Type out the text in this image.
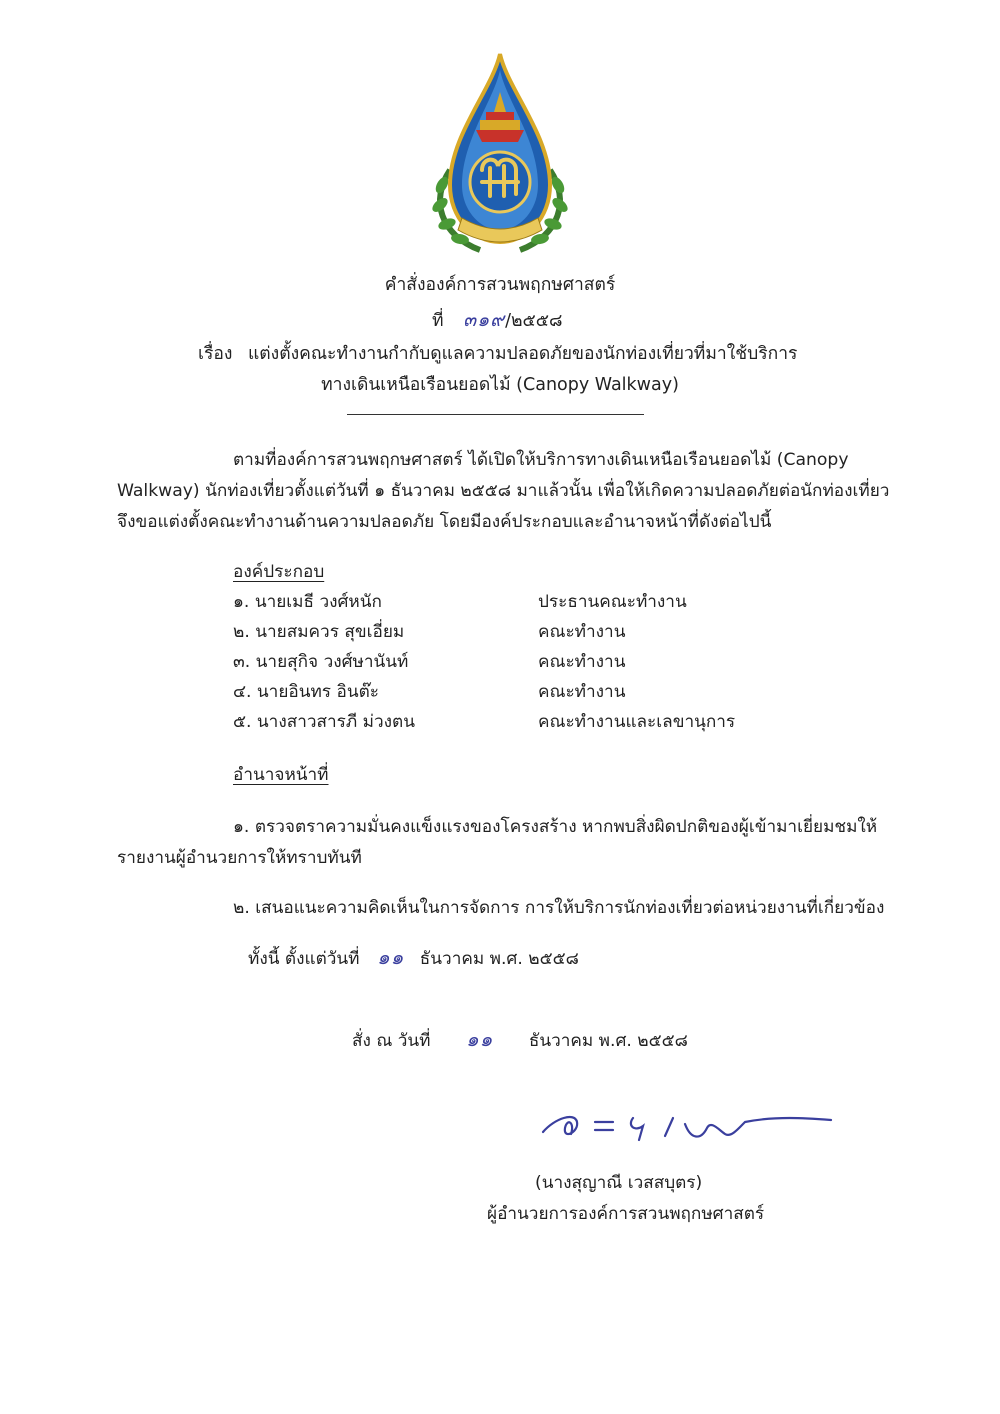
คำสั่งองค์การสวนพฤกษศาสตร์
ที่ ๓๑๙/๒๕๕๘
เรื่อง แต่งตั้งคณะทำงานกำกับดูแลความปลอดภัยของนักท่องเที่ยวที่มาใช้บริการ
ทางเดินเหนือเรือนยอดไม้ (Canopy Walkway)
ตามที่องค์การสวนพฤกษศาสตร์ ได้เปิดให้บริการทางเดินเหนือเรือนยอดไม้ (Canopy
Walkway) นักท่องเที่ยวตั้งแต่วันที่ ๑ ธันวาคม ๒๕๕๘ มาแล้วนั้น เพื่อให้เกิดความปลอดภัยต่อนักท่องเที่ยว
จึงขอแต่งตั้งคณะทำงานด้านความปลอดภัย โดยมีองค์ประกอบและอำนาจหน้าที่ดังต่อไปนี้
องค์ประกอบ
๑. นายเมธี วงศ์หนัก	ประธานคณะทำงาน
๒. นายสมควร สุขเอี่ยม	คณะทำงาน
๓. นายสุกิจ วงศ์ษานันท์	คณะทำงาน
๔. นายอินทร อินต๊ะ	คณะทำงาน
๕. นางสาวสารภี ม่วงตน	คณะทำงานและเลขานุการ
อำนาจหน้าที่
๑. ตรวจตราความมั่นคงแข็งแรงของโครงสร้าง หากพบสิ่งผิดปกติของผู้เข้ามาเยี่ยมชมให้
รายงานผู้อำนวยการให้ทราบทันที
๒. เสนอแนะความคิดเห็นในการจัดการ การให้บริการนักท่องเที่ยวต่อหน่วยงานที่เกี่ยวข้อง
ทั้งนี้ ตั้งแต่วันที่ ๑๑ ธันวาคม พ.ศ. ๒๕๕๘
สั่ง ณ วันที่ ๑๑ ธันวาคม พ.ศ. ๒๕๕๘
(นางสุญาณี เวสสบุตร)
ผู้อำนวยการองค์การสวนพฤกษศาสตร์
